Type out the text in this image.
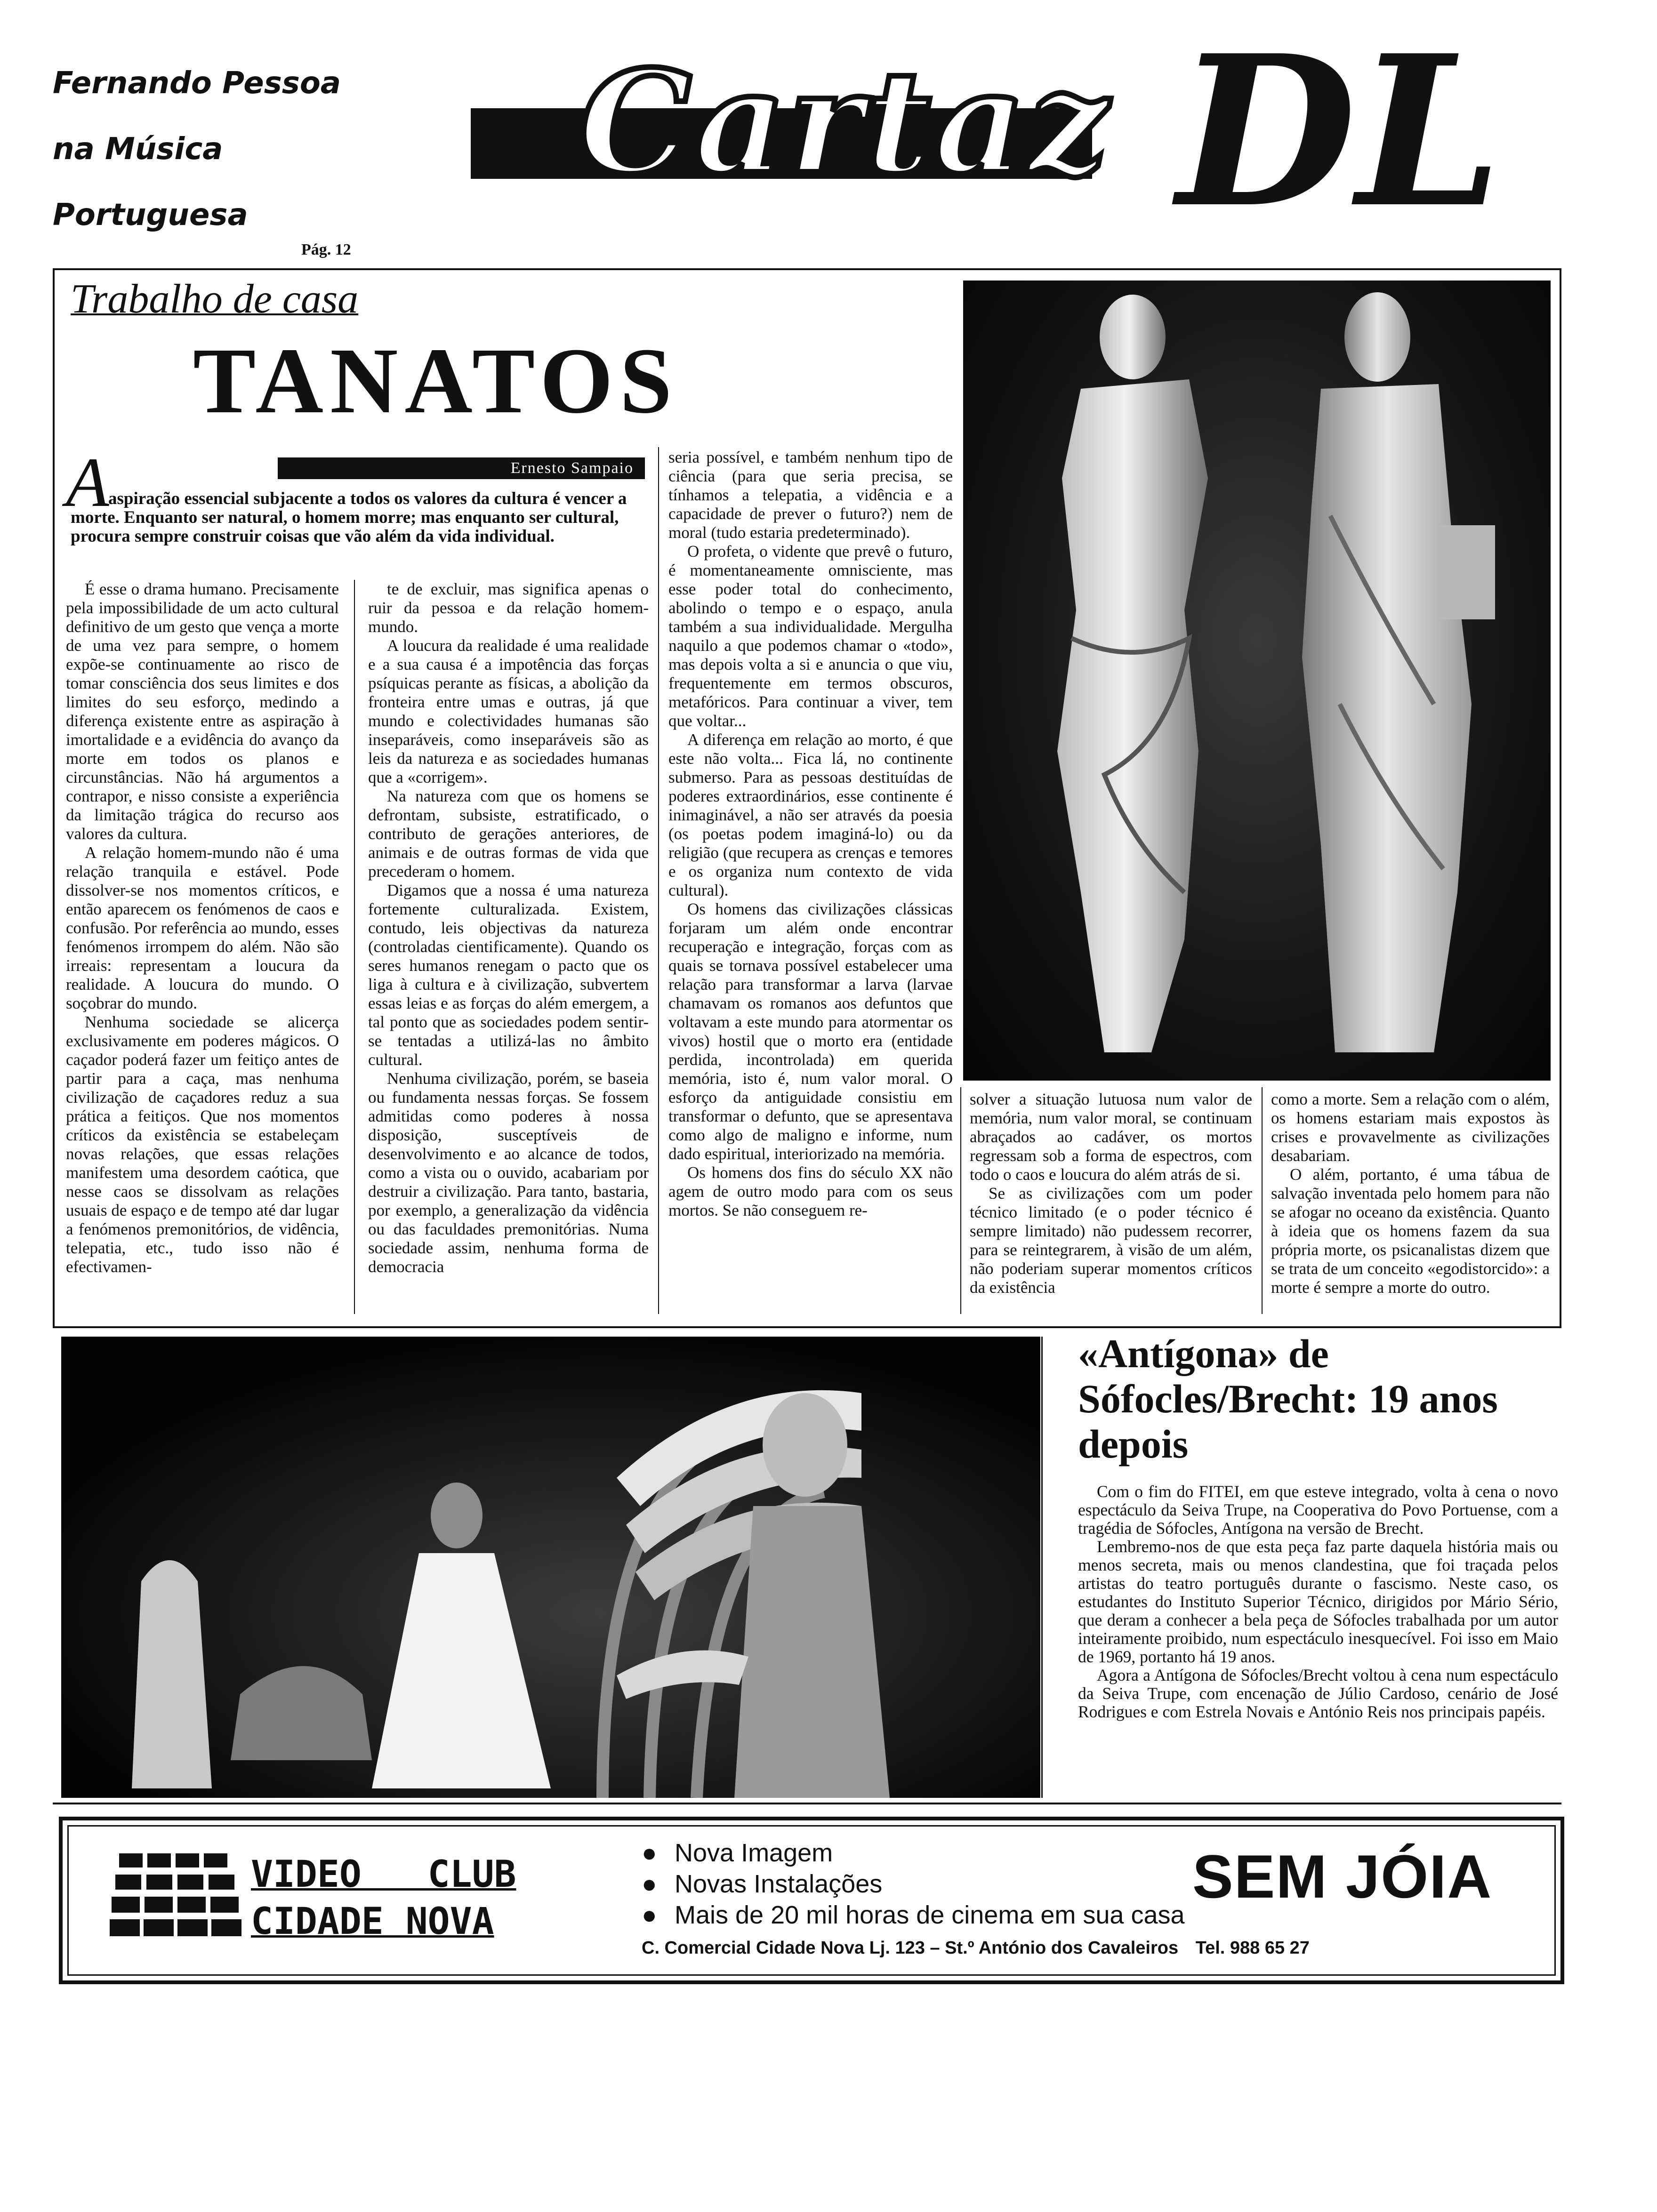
Fernando Pessoa
na Música
Portuguesa
Pág. 12
Cartaz DL
Trabalho de casa
TANATOS
Ernesto Sampaio
A
aspiração essencial subjacente a todos os valores da cultura é vencer a morte. Enquanto ser natural, o homem morre; mas enquanto ser cultural, procura sempre construir coisas que vão além da vida individual.

É esse o drama humano. Precisamente pela impossibilidade de um acto cultural definitivo de um gesto que vença a morte de uma vez para sempre, o homem expõe-se continuamente ao risco de tomar consciência dos seus limites e dos limites do seu esforço, medindo a diferença existente entre as aspiração à imortalidade e a evidência do avanço da morte em todos os planos e circunstâncias. Não há argumentos a contrapor, e nisso consiste a experiência da limitação trágica do recurso aos valores da cultura.

A relação homem-mundo não é uma relação tranquila e estável. Pode dissolver-se nos momentos críticos, e então aparecem os fenómenos de caos e confusão. Por referência ao mundo, esses fenómenos irrompem do além. Não são irreais: representam a loucura da realidade. A loucura do mundo. O soçobrar do mundo.

Nenhuma sociedade se alicerça exclusivamente em poderes mágicos. O caçador poderá fazer um feitiço antes de partir para a caça, mas nenhuma civilização de caçadores reduz a sua prática a feitiços. Que nos momentos críticos da existência se estabeleçam novas relações, que essas relações manifestem uma desordem caótica, que nesse caos se dissolvam as relações usuais de espaço e de tempo até dar lugar a fenómenos premonitórios, de vidência, telepatia, etc., tudo isso não é efectivamen-

te de excluir, mas significa apenas o ruir da pessoa e da relação homem-mundo.

A loucura da realidade é uma realidade e a sua causa é a impotência das forças psíquicas perante as físicas, a abolição da fronteira entre umas e outras, já que mundo e colectividades humanas são inseparáveis, como inseparáveis são as leis da natureza e as sociedades humanas que a «corrigem».

Na natureza com que os homens se defrontam, subsiste, estratificado, o contributo de gerações anteriores, de animais e de outras formas de vida que precederam o homem.

Digamos que a nossa é uma natureza fortemente culturalizada. Existem, contudo, leis objectivas da natureza (controladas cientificamente). Quando os seres humanos renegam o pacto que os liga à cultura e à civilização, subvertem essas leias e as forças do além emergem, a tal ponto que as sociedades podem sentir-se tentadas a utilizá-las no âmbito cultural.

Nenhuma civilização, porém, se baseia ou fundamenta nessas forças. Se fossem admitidas como poderes à nossa disposição, susceptíveis de desenvolvimento e ao alcance de todos, como a vista ou o ouvido, acabariam por destruir a civilização. Para tanto, bastaria, por exemplo, a generalização da vidência ou das faculdades premonitórias. Numa sociedade assim, nenhuma forma de democracia

seria possível, e também nenhum tipo de ciência (para que seria precisa, se tínhamos a telepatia, a vidência e a capacidade de prever o futuro?) nem de moral (tudo estaria predeterminado).

O profeta, o vidente que prevê o futuro, é momentaneamente omnisciente, mas esse poder total do conhecimento, abolindo o tempo e o espaço, anula também a sua individualidade. Mergulha naquilo a que podemos chamar o «todo», mas depois volta a si e anuncia o que viu, frequentemente em termos obscuros, metafóricos. Para continuar a viver, tem que voltar...

A diferença em relação ao morto, é que este não volta... Fica lá, no continente submerso. Para as pessoas destituídas de poderes extraordinários, esse continente é inimaginável, a não ser através da poesia (os poetas podem imaginá-lo) ou da religião (que recupera as crenças e temores e os organiza num contexto de vida cultural).

Os homens das civilizações clássicas forjaram um além onde encontrar recuperação e integração, forças com as quais se tornava possível estabelecer uma relação para transformar a larva (larvae chamavam os romanos aos defuntos que voltavam a este mundo para atormentar os vivos) hostil que o morto era (entidade perdida, incontrolada) em querida memória, isto é, num valor moral. O esforço da antiguidade consistiu em transformar o defunto, que se apresentava como algo de maligno e informe, num dado espiritual, interiorizado na memória.

Os homens dos fins do século XX não agem de outro modo para com os seus mortos. Se não conseguem re-

solver a situação lutuosa num valor de memória, num valor moral, se continuam abraçados ao cadáver, os mortos regressam sob a forma de espectros, com todo o caos e loucura do além atrás de si.

Se as civilizações com um poder técnico limitado (e o poder técnico é sempre limitado) não pudessem recorrer, para se reintegrarem, à visão de um além, não poderiam superar momentos críticos da existência

como a morte. Sem a relação com o além, os homens estariam mais expostos às crises e provavelmente as civilizações desabariam.

O além, portanto, é uma tábua de salvação inventada pelo homem para não se afogar no oceano da existência. Quanto à ideia que os homens fazem da sua própria morte, os psicanalistas dizem que se trata de um conceito «egodistorcido»: a morte é sempre a morte do outro.

«Antígona» de Sófocles/Brecht: 19 anos depois

Com o fim do FITEI, em que esteve integrado, volta à cena o novo espectáculo da Seiva Trupe, na Cooperativa do Povo Portuense, com a tragédia de Sófocles, Antígona na versão de Brecht.

Lembremo-nos de que esta peça faz parte daquela história mais ou menos secreta, mais ou menos clandestina, que foi traçada pelos artistas do teatro português durante o fascismo. Neste caso, os estudantes do Instituto Superior Técnico, dirigidos por Mário Sério, que deram a conhecer a bela peça de Sófocles trabalhada por um autor inteiramente proibido, num espectáculo inesquecível. Foi isso em Maio de 1969, portanto há 19 anos.

Agora a Antígona de Sófocles/Brecht voltou à cena num espectáculo da Seiva Trupe, com encenação de Júlio Cardoso, cenário de José Rodrigues e com Estrela Novais e António Reis nos principais papéis.

VIDEO   CLUB
CIDADE NOVA
● Nova Imagem
● Novas Instalações
● Mais de 20 mil horas de cinema em sua casa
SEM JÓIA
C. Comercial Cidade Nova Lj. 123 – St.º António dos Cavaleiros Tel. 988 65 27
